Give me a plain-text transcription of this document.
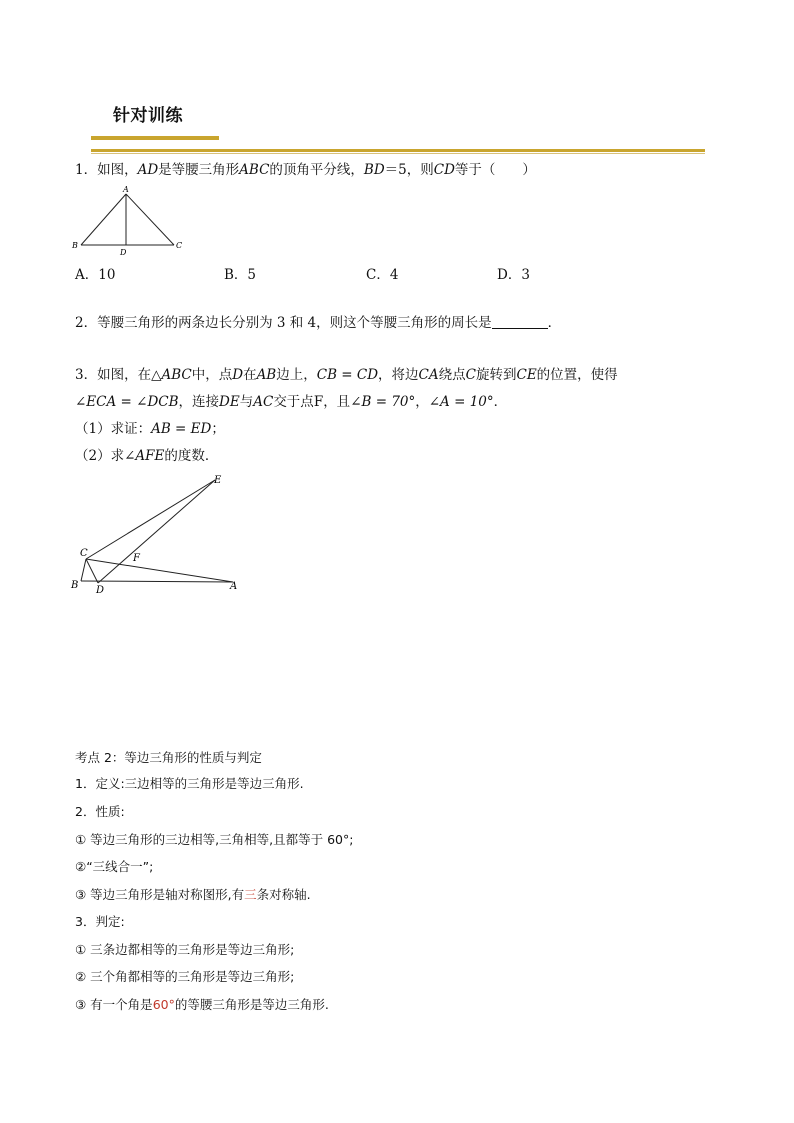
针对训练
1．如图，AD是等腰三角形ABC的顶角平分线，BD＝5，则CD等于（　　）
A
B	C
D
A．10	B．5	C．4	D．3
2．等腰三角形的两条边长分别为 3 和 4，则这个等腰三角形的周长是	．
3．如图，在△ABC中，点D在AB边上，CB = CD，将边CA绕点C旋转到CE的位置，使得
∠ECA = ∠DCB，连接DE与AC交于点F，且∠B = 70°，∠A = 10°．
（1）求证：AB = ED；
（2）求∠AFE的度数．
E
C	F
B D	A
考点 2：等边三角形的性质与判定
1．定义:三边相等的三角形是等边三角形.
2．性质:
① 等边三角形的三边相等,三角相等,且都等于 60°;
②“三线合一”;
③ 等边三角形是轴对称图形,有三条对称轴.
3．判定:
① 三条边都相等的三角形是等边三角形;
② 三个角都相等的三角形是等边三角形;
③ 有一个角是60°的等腰三角形是等边三角形.
